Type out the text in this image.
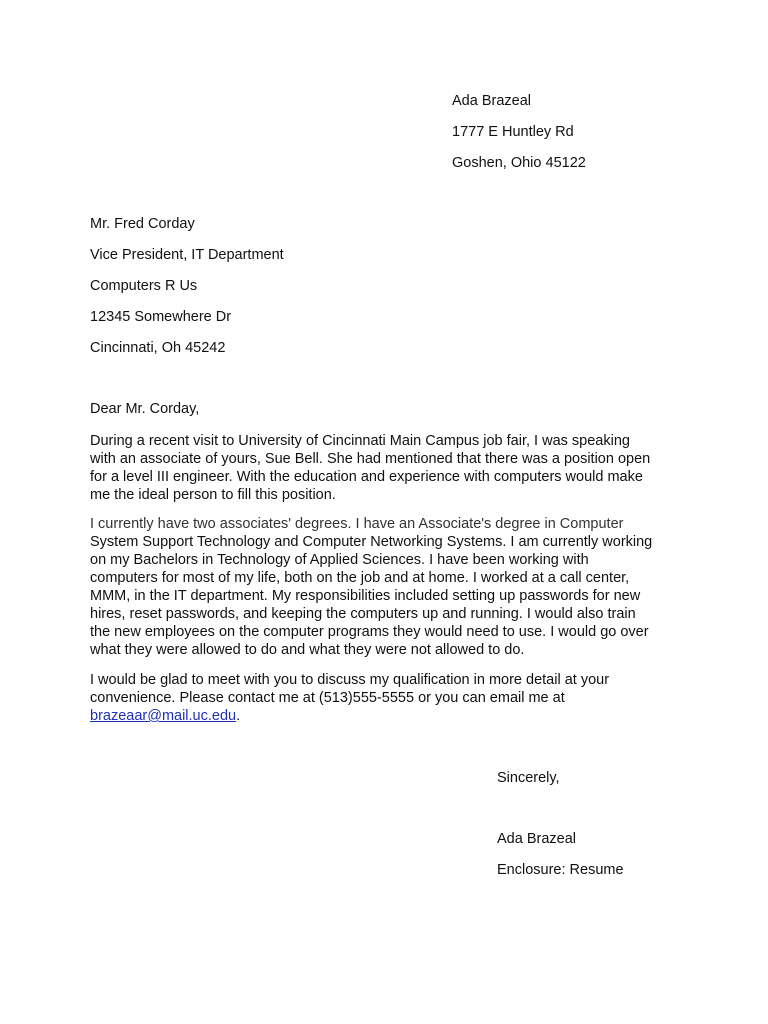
Ada Brazeal
1777 E Huntley Rd
Goshen, Ohio 45122
Mr. Fred Corday
Vice President, IT Department
Computers R Us
12345 Somewhere Dr
Cincinnati, Oh 45242
Dear Mr. Corday,
During a recent visit to University of Cincinnati Main Campus job fair, I was speaking
with an associate of yours, Sue Bell. She had mentioned that there was a position open
for a level III engineer. With the education and experience with computers would make
me the ideal person to fill this position.
I currently have two associates' degrees. I have an Associate's degree in Computer
System Support Technology and Computer Networking Systems. I am currently working
on my Bachelors in Technology of Applied Sciences. I have been working with
computers for most of my life, both on the job and at home. I worked at a call center,
MMM, in the IT department. My responsibilities included setting up passwords for new
hires, reset passwords, and keeping the computers up and running. I would also train
the new employees on the computer programs they would need to use. I would go over
what they were allowed to do and what they were not allowed to do.
I would be glad to meet with you to discuss my qualification in more detail at your
convenience. Please contact me at (513)555-5555 or you can email me at
brazeaar@mail.uc.edu.
Sincerely,
Ada Brazeal
Enclosure: Resume
